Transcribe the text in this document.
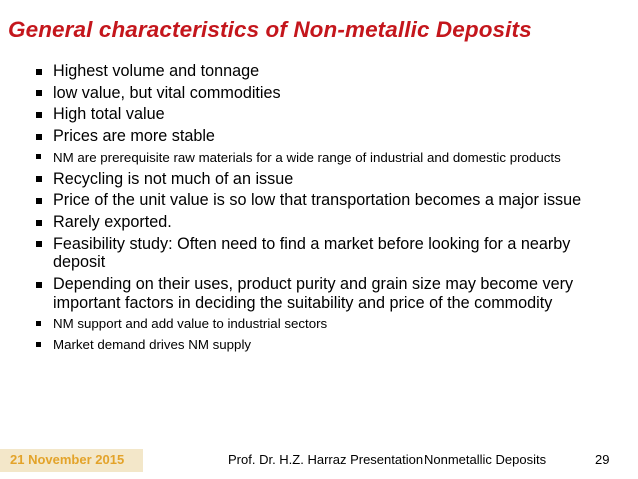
General characteristics of Non-metallic Deposits
Highest volume and tonnage
low value, but vital commodities
High total value
Prices are more stable
NM are prerequisite raw materials for a wide range of industrial and domestic products
Recycling is not much of an issue
Price of the unit value is so low that transportation becomes a major issue
Rarely exported.
Feasibility study: Often need to find a market before looking for a nearby deposit
Depending on their uses, product purity and grain size may become very important factors in deciding the suitability and price of the commodity
NM support and add value to industrial sectors
Market demand drives NM supply
21 November 2015	Prof. Dr. H.Z. Harraz Presentation Nonmetallic Deposits	29
